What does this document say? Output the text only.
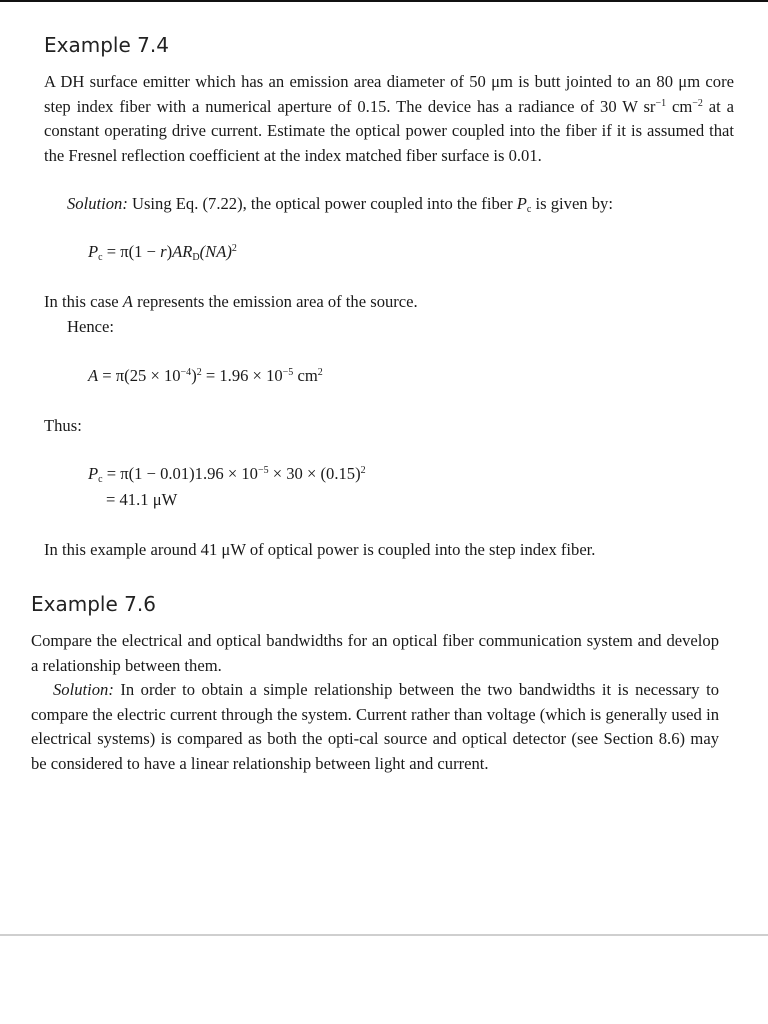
Example 7.4
A DH surface emitter which has an emission area diameter of 50 μm is butt jointed to an 80 μm core step index fiber with a numerical aperture of 0.15. The device has a radiance of 30 W $sr^{-1}$ $cm^{-2}$ at a constant operating drive current. Estimate the optical power coupled into the fiber if it is assumed that the Fresnel reflection coefficient at the index matched fiber surface is 0.01.
Solution: Using Eq. (7.22), the optical power coupled into the fiber $P_c$ is given by:
$P_c = \pi(1 - r)AR_D(NA)^2$
In this case A represents the emission area of the source.
Hence:
$A = \pi(25 \times 10^{-4})^2 = 1.96 \times 10^{-5}$ $cm^2$
Thus:
$P_c = \pi(1 - 0.01)1.96 \times 10^{-5} \times 30 \times (0.15)^2$
= 41.1 μW
In this example around 41 μW of optical power is coupled into the step index fiber.
Example 7.6
Compare the electrical and optical bandwidths for an optical fiber communication system and develop a relationship between them.
Solution: In order to obtain a simple relationship between the two bandwidths it is necessary to compare the electric current through the system. Current rather than voltage (which is generally used in electrical systems) is compared as both the opti-cal source and optical detector (see Section 8.6) may be considered to have a linear relationship between light and current.
